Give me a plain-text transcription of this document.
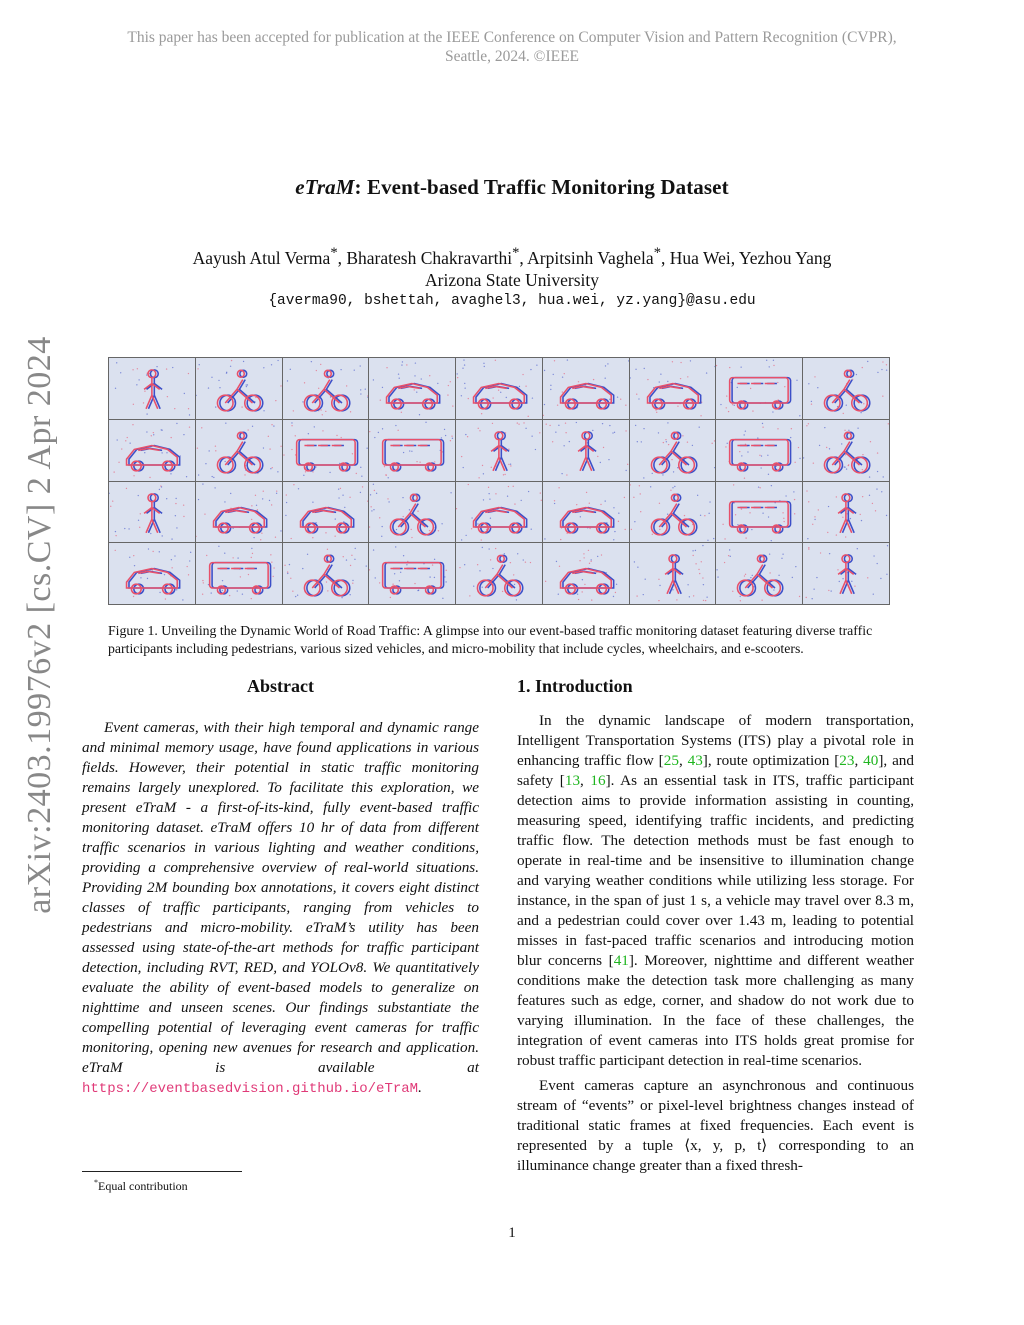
This paper has been accepted for publication at the IEEE Conference on Computer Vision and Pattern Recognition (CVPR),
Seattle, 2024. ©IEEE
eTraM: Event-based Traffic Monitoring Dataset
Aayush Atul Verma*, Bharatesh Chakravarthi*, Arpitsinh Vaghela*, Hua Wei, Yezhou Yang
Arizona State University
{averma90, bshettah, avaghel3, hua.wei, yz.yang}@asu.edu
arXiv:2403.19976v2 [cs.CV] 2 Apr 2024	Figure 1. Unveiling the Dynamic World of Road Traffic: A glimpse into our event-based traffic monitoring dataset featuring diverse traffic participants including pedestrians, various sized vehicles, and micro-mobility that include cycles, wheelchairs, and e-scooters.
Abstract

Event cameras, with their high temporal and dynamic range and minimal memory usage, have found applications in various fields. However, their potential in static traffic monitoring remains largely unexplored. To facilitate this exploration, we present eTraM - a first-of-its-kind, fully event-based traffic monitoring dataset. eTraM offers 10 hr of data from different traffic scenarios in various lighting and weather conditions, providing a comprehensive overview of real-world situations. Providing 2M bounding box annotations, it covers eight distinct classes of traffic participants, ranging from vehicles to pedestrians and micro-mobility. eTraM’s utility has been assessed using state-of-the-art methods for traffic participant detection, including RVT, RED, and YOLOv8. We quantitatively evaluate the ability of event-based models to generalize on nighttime and unseen scenes. Our findings substantiate the compelling potential of leveraging event cameras for traffic monitoring, opening new avenues for research and application. eTraM is available at https://eventbasedvision.github.io/eTraM.

1. Introduction

In the dynamic landscape of modern transportation, Intelligent Transportation Systems (ITS) play a pivotal role in enhancing traffic flow [25, 43], route optimization [23, 40], and safety [13, 16]. As an essential task in ITS, traffic participant detection aims to provide information assisting in counting, measuring speed, identifying traffic incidents, and predicting traffic flow. The detection methods must be fast enough to operate in real-time and be insensitive to illumination change and varying weather conditions while utilizing less storage. For instance, in the span of just 1 s, a vehicle may travel over 8.3 m, and a pedestrian could cover over 1.43 m, leading to potential misses in fast-paced traffic scenarios and introducing motion blur concerns [41]. Moreover, nighttime and different weather conditions make the detection task more challenging as many features such as edge, corner, and shadow do not work due to varying illumination. In the face of these challenges, the integration of event cameras into ITS holds great promise for robust traffic participant detection in real-time scenarios.

Event cameras capture an asynchronous and continuous stream of “events” or pixel-level brightness changes instead of traditional static frames at fixed frequencies. Each event is represented by a tuple ⟨x, y, p, t⟩ corresponding to an illuminance change greater than a fixed thresh-

*Equal contribution
1
